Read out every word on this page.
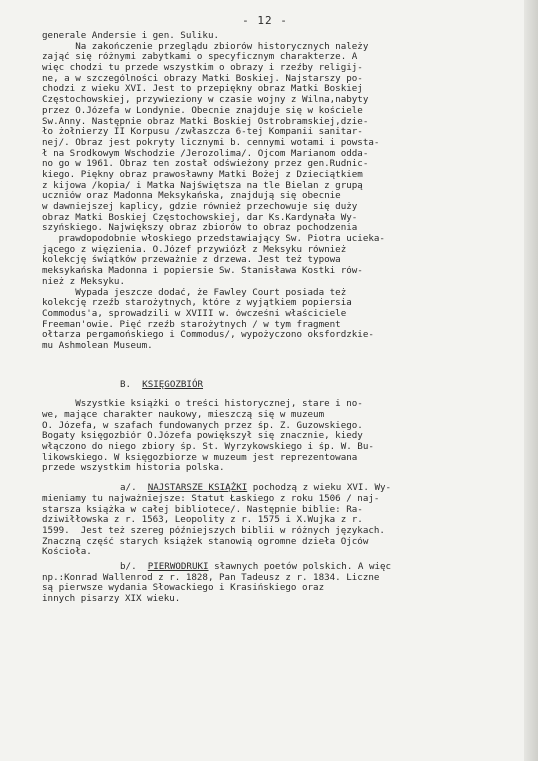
- 12 -
generale Andersie i gen. Suliku.
Na zakończenie przeglądu zbiorów historycznych należy
zająć się różnymi zabytkami o specyficznym charakterze. A
więc chodzi tu przede wszystkim o obrazy i rzeźby religij-
ne, a w szczególności obrazy Matki Boskiej. Najstarszy po-
chodzi z wieku XVI. Jest to przepiękny obraz Matki Boskiej
Częstochowskiej, przywieziony w czasie wojny z Wilna,nabyty
przez O.Józefa w Londynie. Obecnie znajduje się w kościele
Św.Anny. Następnie obraz Matki Boskiej Ostrobramskiej,dzie-
ło żołnierzy II Korpusu /zwłaszcza 6-tej Kompanii sanitar-
nej/. Obraz jest pokryty licznymi b. cennymi wotami i powsta-
ł na Środkowym Wschodzie /Jerozolima/. Ojcom Marianom odda-
no go w 1961. Obraz ten został odświeżony przez gen.Rudnic-
kiego. Piękny obraz prawosławny Matki Bożej z Dzieciątkiem
z kijowa /kopia/ i Matka Najświętsza na tle Bielan z grupą
uczniów oraz Madonna Meksykańska, znajdują się obecnie
w dawniejszej kaplicy, gdzie również przechowuje się duży
obraz Matki Boskiej Częstochowskiej, dar Ks.Kardynała Wy-
szyńskiego. Największy obraz zbiorów to obraz pochodzenia
prawdopodobnie włoskiego przedstawiający Św. Piotra ucieka-
jącego z więzienia. O.Józef przywiózł z Meksyku również
kolekcję świątków przeważnie z drzewa. Jest też typowa
meksykańska Madonna i popiersie Św. Stanisława Kostki rów-
nież z Meksyku.
Wypada jeszcze dodać, że Fawley Court posiada też
kolekcję rzeźb starożytnych, które z wyjątkiem popiersia
Commodus'a, sprowadzili w XVIII w. ówcześni właściciele
Freeman'owie. Pięć rzeźb starożytnych / w tym fragment
ołtarza pergamońskiego i Commodus/, wypożyczono oksfordzkie-
mu Ashmolean Museum.
B. KSIĘGOZBIÓR
Wszystkie książki o treści historycznej, stare i no-
we, mające charakter naukowy, mieszczą się w muzeum
O. Józefa, w szafach fundowanych przez śp. Z. Guzowskiego.
Bogaty księgozbiór O.Józefa powiększył się znacznie, kiedy
włączono do niego zbiory śp. St. Wyrzykowskiego i śp. W. Bu-
likowskiego. W księgozbiorze w muzeum jest reprezentowana
przede wszystkim historia polska.
a/. NAJSTARSZE KSIĄŻKI pochodzą z wieku XVI. Wy-
mieniamy tu najważniejsze: Statut Łaskiego z roku 1506 / naj-
starsza książka w całej bibliotece/. Następnie biblie: Ra-
dziwiłłowska z r. 1563, Leopolity z r. 1575 i X.Wujka z r.
1599.  Jest też szereg późniejszych biblii w różnych językach.
Znaczną część starych książek stanowią ogromne dzieła Ojców
Kościoła.
b/. PIERWODRUKI sławnych poetów polskich. A więc
np.:Konrad Wallenrod z r. 1828, Pan Tadeusz z r. 1834. Liczne
są pierwsze wydania Słowackiego i Krasińskiego oraz
innych pisarzy XIX wieku.
